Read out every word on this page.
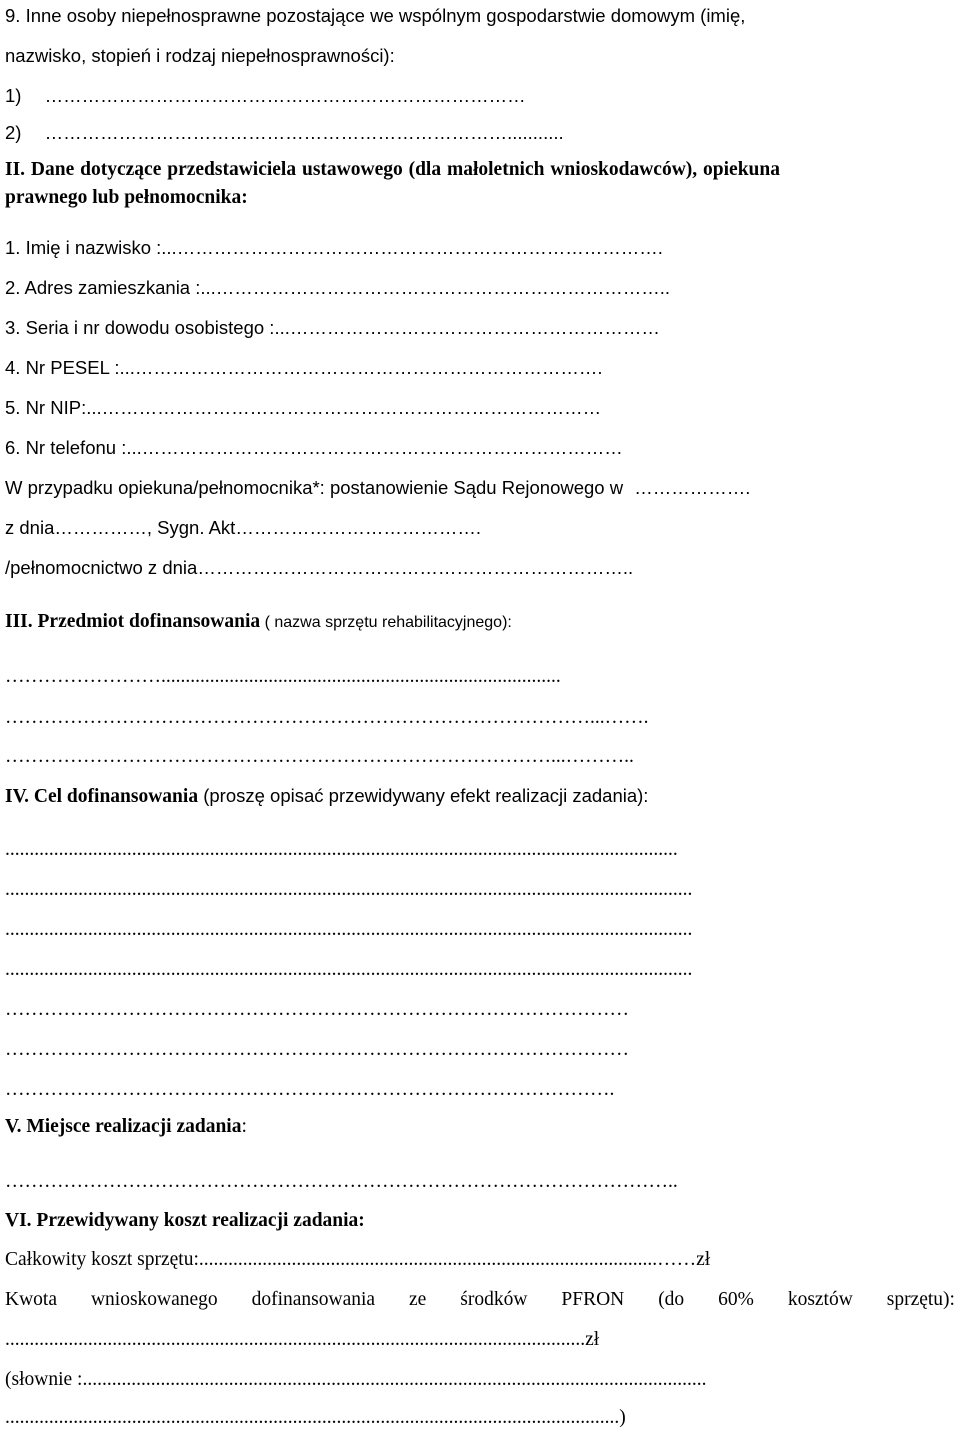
9. Inne osoby niepełnosprawne pozostające we wspólnym gospodarstwie domowym (imię,
nazwisko, stopień i rodzaj niepełnosprawności):
1) ……………………………………………………………………
2) …………………………………………………………………...........
II. Dane dotyczące przedstawiciela ustawowego (dla małoletnich wnioskodawców), opiekuna
prawnego lub pełnomocnika:
1. Imię i nazwisko :...…………………………………………………………………….
2. Adres zamieszkania :...………………………………………………………………..
3. Seria i nr dowodu osobistego :...……………………………………………………
4. Nr PESEL :...………………………………………………………………….
5. Nr NIP:...………………………………………………………………………
6. Nr telefonu :...……………………………………………………………………
W przypadku opiekuna/pełnomocnika*: postanowienie Sądu Rejonowego w ……………….
z dnia……………, Sygn. Akt………………………………….
/pełnomocnictwo z dnia……………………………………………………………..
III. Przedmiot dofinansowania ( nazwa sprzętu rehabilitacyjnego):
……………………..................................................................................
………………………………………………………………………………...…….
…………………………………………………………………………...………..
IV. Cel dofinansowania (proszę opisać przewidywany efekt realizacji zadania):
..........................................................................................................................................
.............................................................................................................................................
.............................................................................................................................................
.............................................................................................................................................
……………………………………………………………………………………
……………………………………………………………………………………
………………………………………………………………………………….
V. Miejsce realizacji zadania:
…………………………………………………………………………………………..
VI. Przewidywany koszt realizacji zadania:
Całkowity koszt sprzętu:..............................................................................................……zł
Kwota wnioskowanego dofinansowania ze środków PFRON (do 60% kosztów sprzętu):
.......................................................................................................................zł
(słownie :................................................................................................................................
..............................................................................................................................)
